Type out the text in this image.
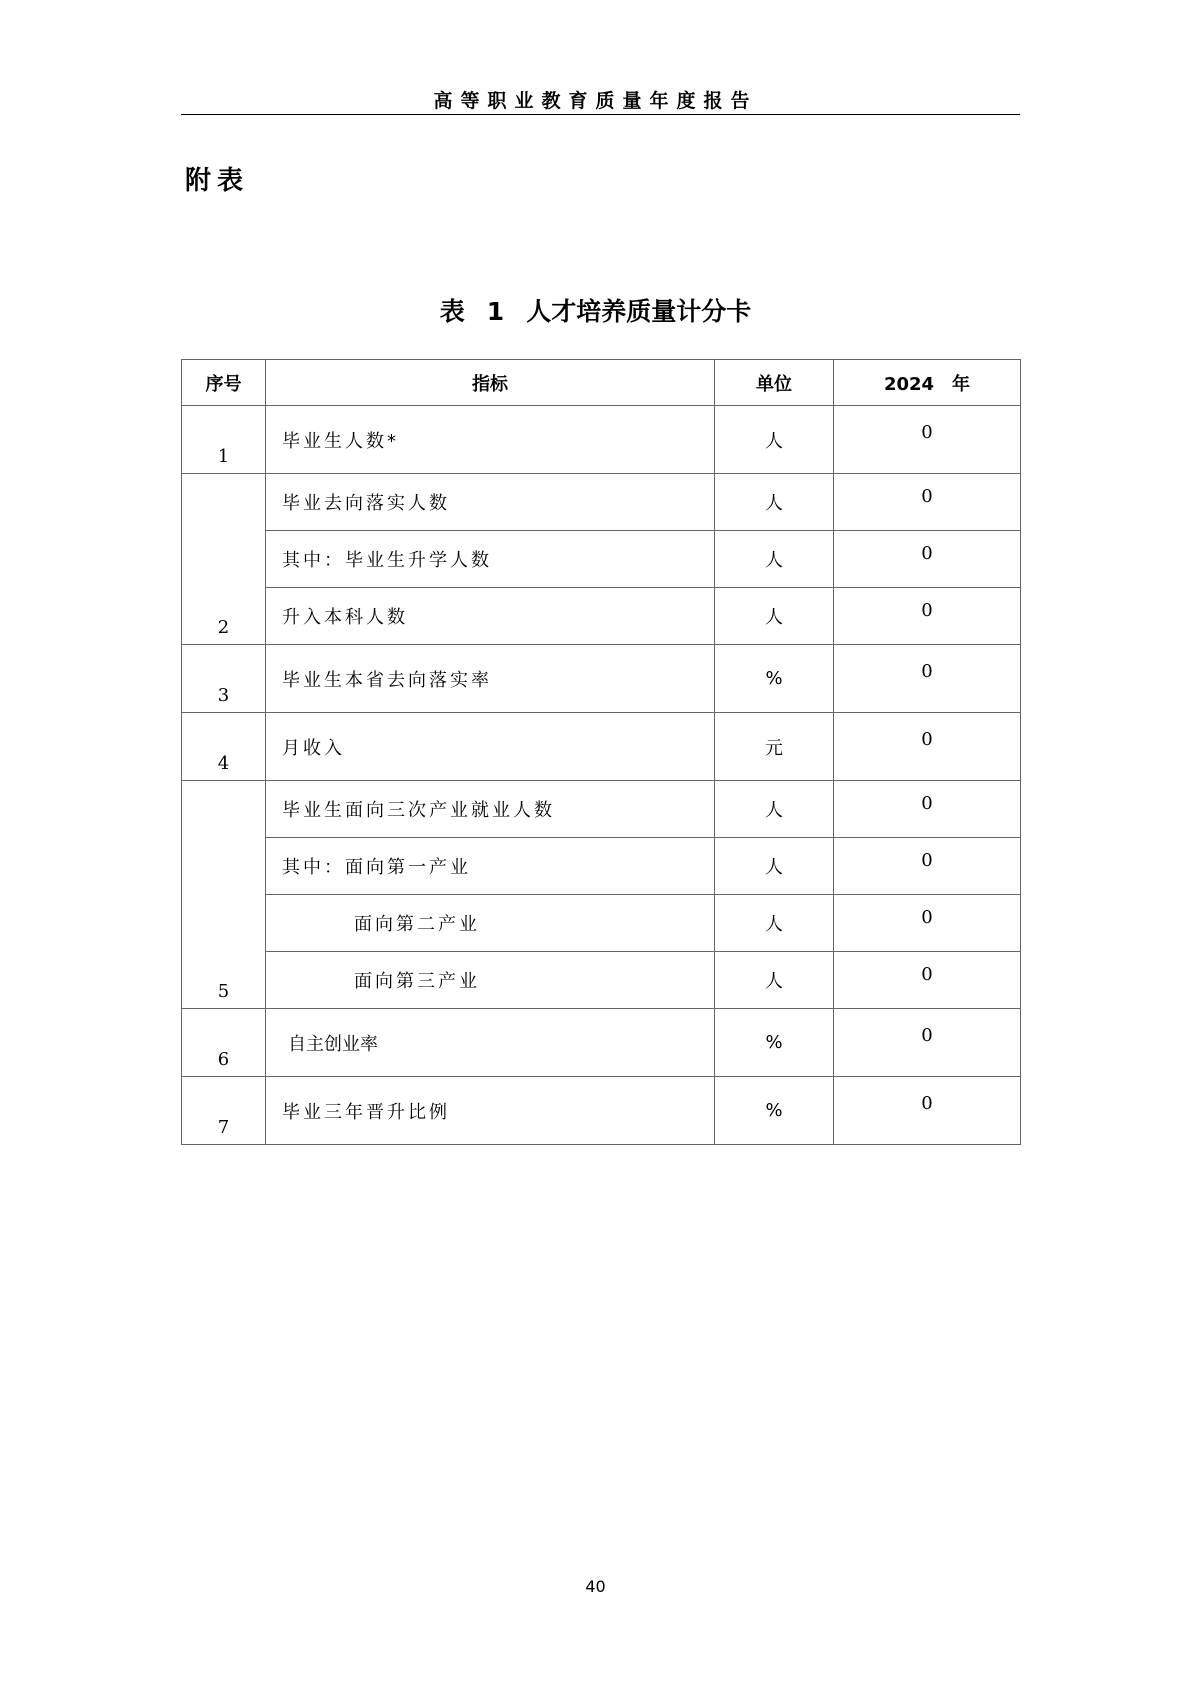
高等职业教育质量年度报告
附表
表 1 人才培养质量计分卡
序号	指标	单位	2024　年
1	毕业生人数*	人	0
2	毕业去向落实人数	人	0
	其中：毕业生升学人数	人	0
	升入本科人数	人	0
3	毕业生本省去向落实率	%	0
4	月收入	元	0
5	毕业生面向三次产业就业人数	人	0
	其中：面向第一产业	人	0
	面向第二产业	人	0
	面向第三产业	人	0
6	自主创业率	%	0
7	毕业三年晋升比例	%	0
40
